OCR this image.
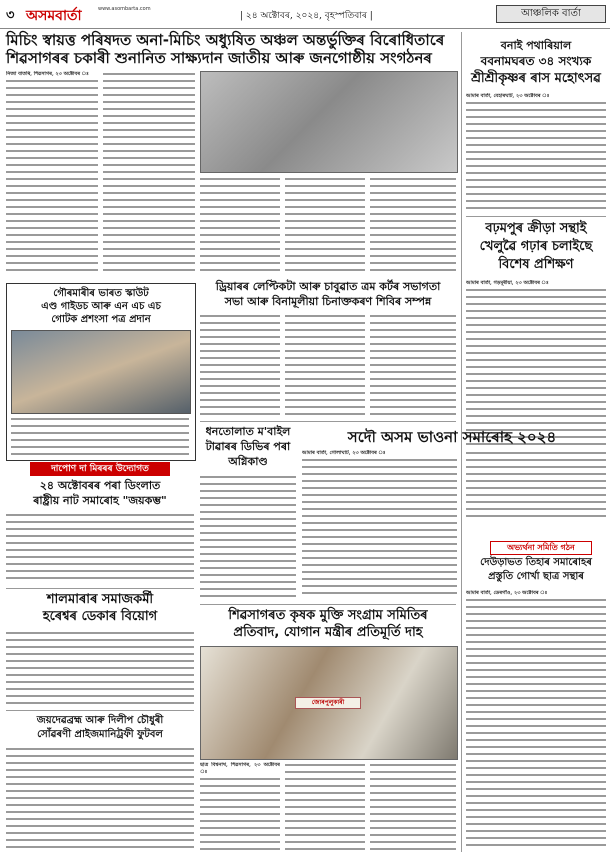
৩ অসমবাৰ্তা	www.asombarta.com
| ২৪ অক্টোবৰ, ২০২৪, বৃহস্পতিবাৰ |	আঞ্চলিক বাৰ্তা
মিচিং স্বায়ত্ত পৰিষদত অনা-মিচিং অধ্যুষিত অঞ্চল অন্তৰ্ভুক্তিৰ বিৰোধিতাৰে
শিৱসাগৰৰ চকাৰী শুনানিত সাক্ষ্যদান জাতীয় আৰু জনগোষ্ঠীয় সংগঠনৰ
নিজা বাতৰি, শিৱসাগৰ, ২৩ অক্টোবৰ ঃ
বনাই পথাৰিয়াল
ববনামঘৰত ৩৪ সংখ্যক
শ্ৰীশ্ৰীকৃষ্ণৰ ৰাস মহোৎসৱ
আমাৰ বাৰ্তা, বেহাৰঘাট, ২৩ অক্টোবৰ ঃ
বঢ়মপুৰ ক্ৰীড়া সন্থাই
খেলুৱৈ গঢ়াৰ চলাইছে
বিশেষ প্ৰশিক্ষণ
আমাৰ বাৰ্তা, গড়মূৰীয়া, ২৩ অক্টোবৰ ঃ
গৌৰমাৰীৰ ভাৰত স্কাউট
এণ্ড গাইডচ আৰু এন এচ এচ
গোটক প্ৰশংসা পত্ৰ প্ৰদান
দাপোণ দা মিৰৰৰ উদ্যোগত
২৪ অক্টোবৰৰ পৰা ডিংলাত
ৰাষ্ট্ৰীয় নাট সমাৰোহ "জয়কম্ভ"
শালমাৰাৰ সমাজকৰ্মী
হৰেশ্বৰ ডেকাৰ বিয়োগ
জয়দেৱব্ৰহ্ম আৰু দিলীপ চৌধুৰী
সোঁৱৰণী প্ৰাইজমানিট্ৰফী ফুটবল
ড্ৰিয়াৰৰ লেপ্টিকটা আৰু চাবুৱাত ত্ৰম কৰ্টৰ সভাগতা
সভা আৰু বিনামূলীয়া চিনাক্তকৰণ শিবিৰ সম্পন্ন
ধনতোলাত ম'বাইল
টাৱাৰৰ ডিভিৰ পৰা
অগ্নিকাণ্ড
সদৌ অসম ভাওনা সমাৰোহ ২০২৪
আমাৰ বাৰ্তা, গোলাঘাট, ২৩ অক্টোবৰ ঃ
অভ্যৰ্থনা সমিতি গঠন
দেউড়াভত তিহাৰ সমাৰোহৰ
প্ৰস্তুতি গোৰ্খা ছাত্ৰ সন্থাৰ
আমাৰ বাৰ্তা, ডেৰগাঁও, ২৩ অক্টোবৰ ঃ
শিৱসাগৰত কৃষক মুক্তি সংগ্ৰাম সমিতিৰ
প্ৰতিবাদ, যোগান মন্ত্ৰীৰ প্ৰতিমূৰ্তি দাহ
জোৰপুলুকাৰী
ছাত্ৰ বিশ্বনাথ, শিৱসাগৰ, ২৩ অক্টোবৰ ঃ
